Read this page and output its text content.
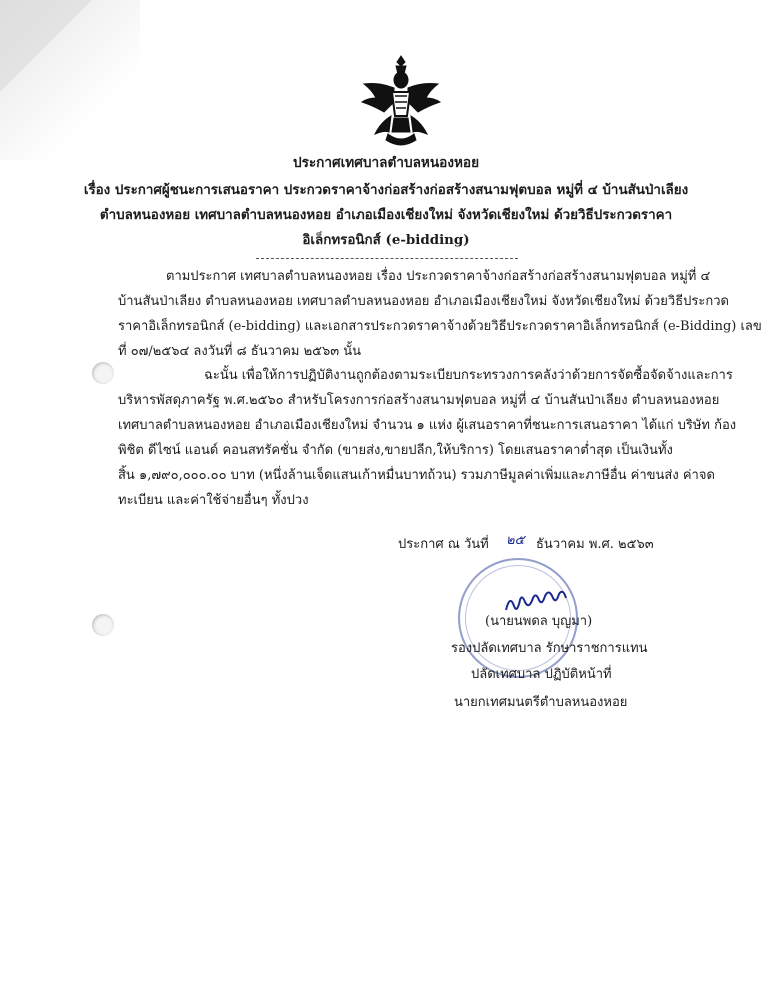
ประกาศเทศบาลตำบลหนองหอย
เรื่อง ประกาศผู้ชนะการเสนอราคา ประกวดราคาจ้างก่อสร้างก่อสร้างสนามฟุตบอล หมู่ที่ ๔ บ้านสันป่าเลียง
ตำบลหนองหอย เทศบาลตำบลหนองหอย อำเภอเมืองเชียงใหม่ จังหวัดเชียงใหม่ ด้วยวิธีประกวดราคา
อิเล็กทรอนิกส์ (e-bidding)
ตามประกาศ เทศบาลตำบลหนองหอย เรื่อง ประกวดราคาจ้างก่อสร้างก่อสร้างสนามฟุตบอล หมู่ที่ ๔
บ้านสันป่าเลียง ตำบลหนองหอย เทศบาลตำบลหนองหอย อำเภอเมืองเชียงใหม่ จังหวัดเชียงใหม่ ด้วยวิธีประกวด
ราคาอิเล็กทรอนิกส์ (e-bidding) และเอกสารประกวดราคาจ้างด้วยวิธีประกวดราคาอิเล็กทรอนิกส์ (e-Bidding) เลข
ที่ ๐๗/๒๕๖๔ ลงวันที่ ๘ ธันวาคม ๒๕๖๓ นั้น
ฉะนั้น เพื่อให้การปฏิบัติงานถูกต้องตามระเบียบกระทรวงการคลังว่าด้วยการจัดซื้อจัดจ้างและการ
บริหารพัสดุภาครัฐ พ.ศ.๒๕๖๐ สำหรับโครงการก่อสร้างสนามฟุตบอล หมู่ที่ ๔ บ้านสันป่าเลียง ตำบลหนองหอย
เทศบาลตำบลหนองหอย อำเภอเมืองเชียงใหม่ จำนวน ๑ แห่ง ผู้เสนอราคาที่ชนะการเสนอราคา ได้แก่ บริษัท ก้อง
พิชิต ดีไซน์ แอนด์ คอนสทรัคชั่น จำกัด (ขายส่ง,ขายปลีก,ให้บริการ) โดยเสนอราคาต่ำสุด เป็นเงินทั้ง
สิ้น ๑,๗๙๐,๐๐๐.๐๐ บาท (หนึ่งล้านเจ็ดแสนเก้าหมื่นบาทถ้วน) รวมภาษีมูลค่าเพิ่มและภาษีอื่น ค่าขนส่ง ค่าจด
ทะเบียน และค่าใช้จ่ายอื่นๆ ทั้งปวง
ประกาศ ณ วันที่ ๒๕ ธันวาคม พ.ศ. ๒๕๖๓
(นายนพดล บุญมา)
รองปลัดเทศบาล รักษาราชการแทน
ปลัดเทศบาล ปฏิบัติหน้าที่
นายกเทศมนตรีตำบลหนองหอย
